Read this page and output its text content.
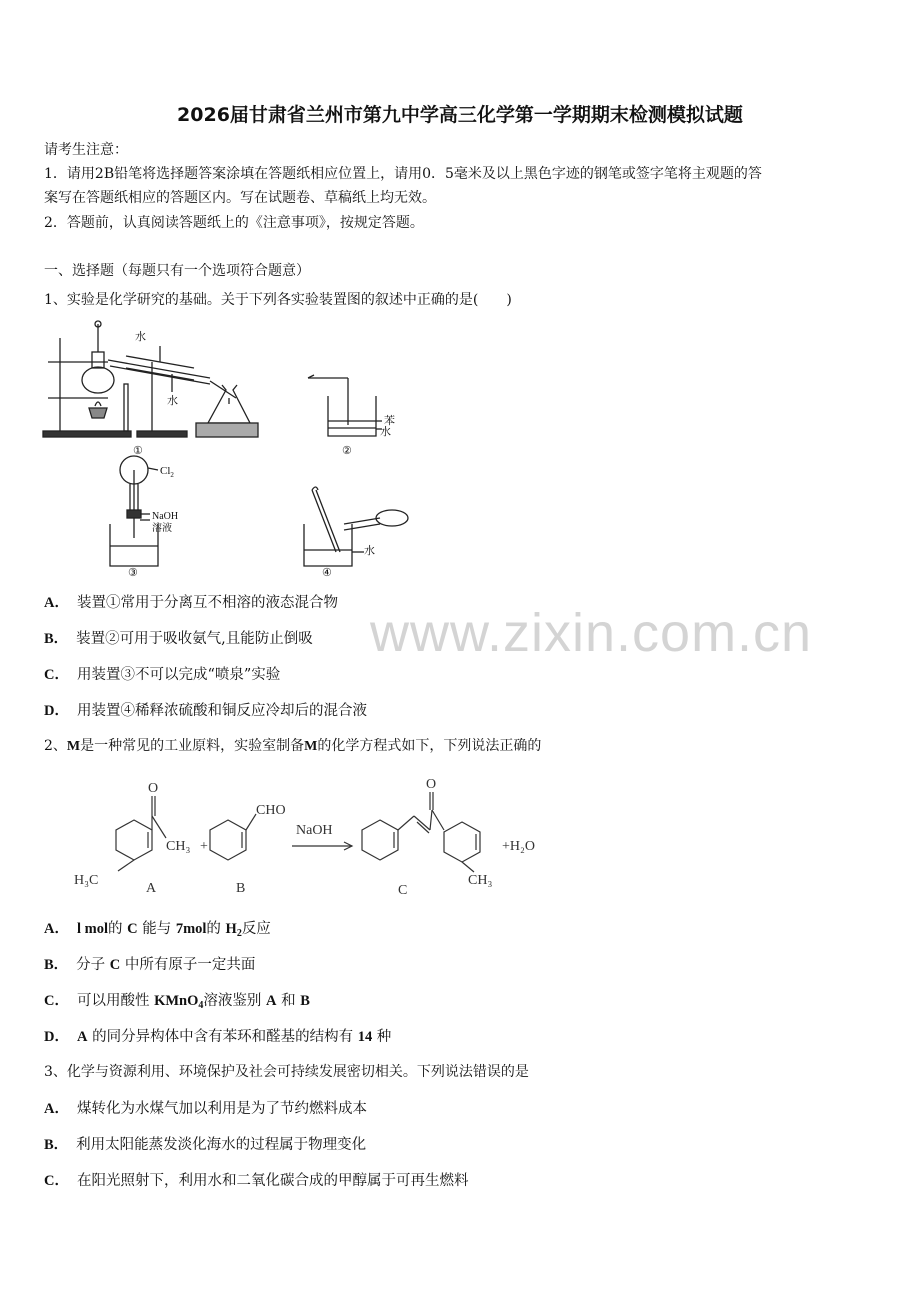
2026届甘肃省兰州市第九中学高三化学第一学期期末检测模拟试题
请考生注意：
1．请用2B铅笔将选择题答案涂填在答题纸相应位置上，请用0．5毫米及以上黑色字迹的钢笔或签字笔将主观题的答
案写在答题纸相应的答题区内。写在试题卷、草稿纸上均无效。
2．答题前，认真阅读答题纸上的《注意事项》，按规定答题。
一、选择题（每题只有一个选项符合题意）
1、实验是化学研究的基础。关于下列各实验装置图的叙述中正确的是(　　)
水
水
①
苯
水
②
$Cl_2$
NaOH
溶液
③
水
④
A． 装置①常用于分离互不相溶的液态混合物
B． 装置②可用于吸收氨气,且能防止倒吸
C． 用装置③不可以完成“喷泉”实验
D． 用装置④稀释浓硫酸和铜反应冷却后的混合液
2、M是一种常见的工业原料，实验室制备M的化学方程式如下，下列说法正确的
O
CH₃
H₃C
+
CHO
NaOH
O
CH₃
+H₂O
A	B	C
A． l mol的 C 能与 7mol的 $H_2$反应
B． 分子 C 中所有原子一定共面
C． 可以用酸性 KMnO$_4$溶液鉴别 A 和 B
D． A 的同分异构体中含有苯环和醛基的结构有 14 种
3、化学与资源利用、环境保护及社会可持续发展密切相关。下列说法错误的是
A． 煤转化为水煤气加以利用是为了节约燃料成本
B． 利用太阳能蒸发淡化海水的过程属于物理变化
C． 在阳光照射下，利用水和二氧化碳合成的甲醇属于可再生燃料
www.zixin.com.cn
